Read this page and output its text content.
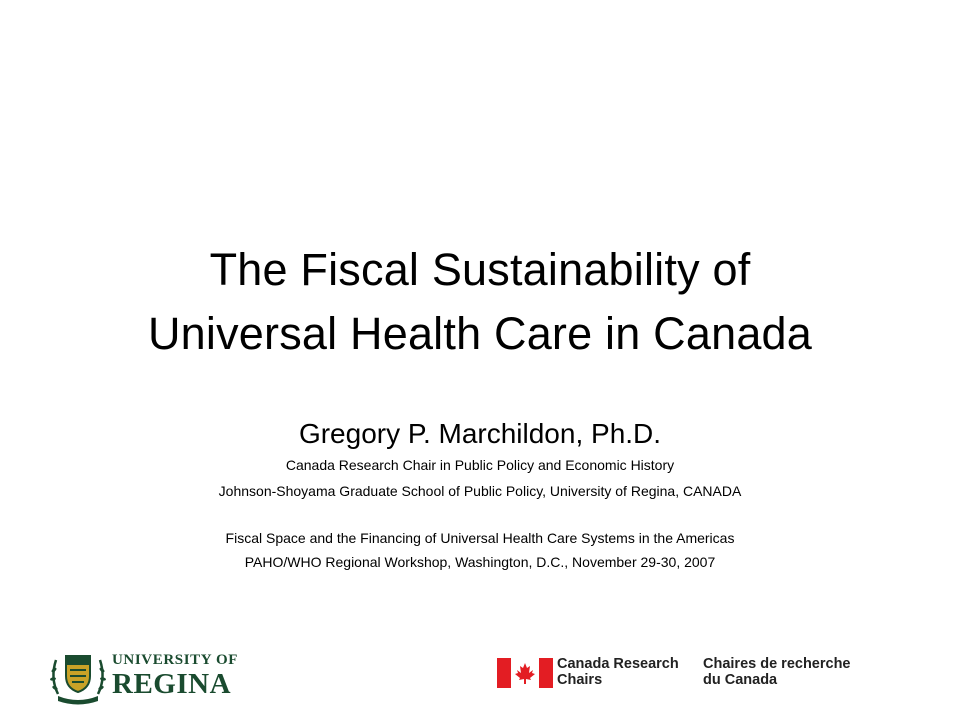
The Fiscal Sustainability of
Universal Health Care in Canada
Gregory P. Marchildon, Ph.D.
Canada Research Chair in Public Policy and Economic History
Johnson-Shoyama Graduate School of Public Policy, University of Regina, CANADA
Fiscal Space and the Financing of Universal Health Care Systems in the Americas
PAHO/WHO Regional Workshop, Washington, D.C., November 29-30, 2007
UNIVERSITY OF
REGINA
Canada Research
Chairs
Chaires de recherche
du Canada
